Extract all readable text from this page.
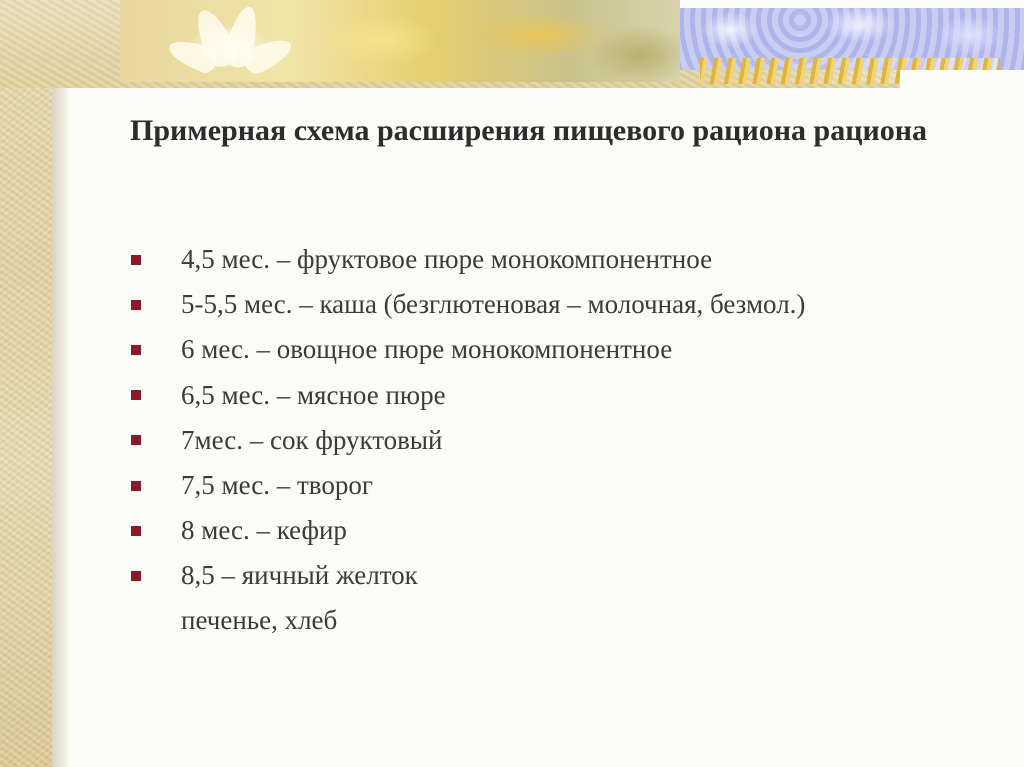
Примерная схема расширения пищевого рациона рациона
4,5 мес. – фруктовое пюре монокомпонентное
5-5,5 мес. – каша (безглютеновая – молочная, безмол.)
6 мес. – овощное пюре монокомпонентное
6,5 мес. – мясное пюре
7мес. – сок фруктовый
7,5 мес. – творог
8 мес. – кефир
8,5 – яичный желток
печенье, хлеб
